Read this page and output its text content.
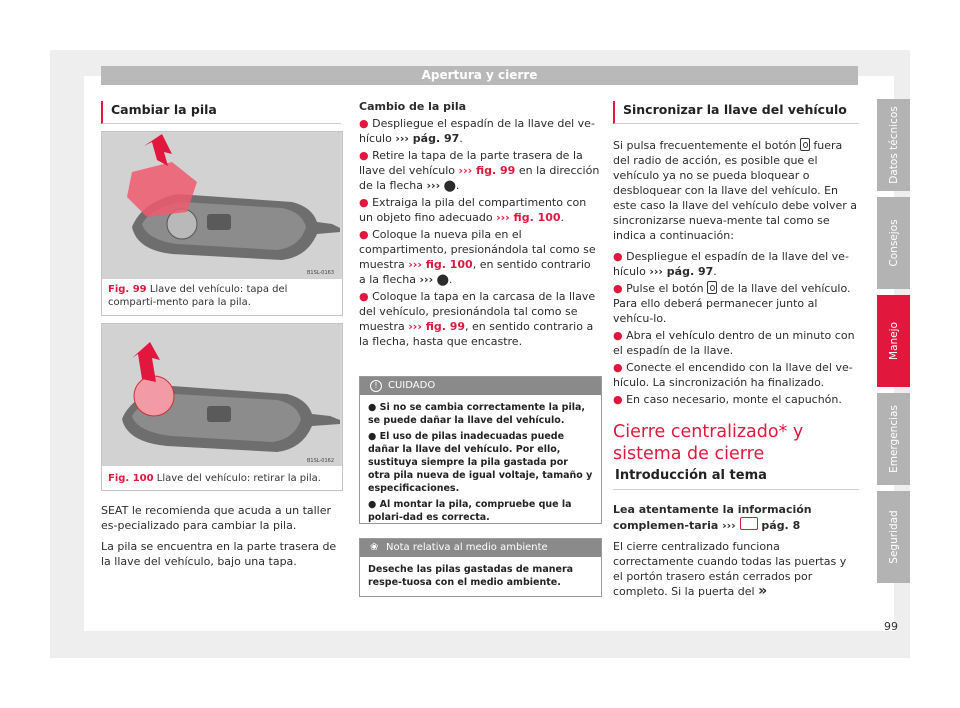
Apertura y cierre
Cambiar la pila
B1SL-0163
Fig. 99 Llave del vehículo: tapa del comparti-mento para la pila.
B1SL-0162
Fig. 100 Llave del vehículo: retirar la pila.

SEAT le recomienda que acuda a un taller es-pecializado para cambiar la pila.

La pila se encuentra en la parte trasera de la llave del vehículo, bajo una tapa.

Cambio de la pila

● Despliegue el espadín de la llave del ve-hículo ››› pág. 97.

● Retire la tapa de la parte trasera de la llave del vehículo ››› fig. 99 en la dirección de la flecha ››› ⬤.

● Extraiga la pila del compartimento con un objeto fino adecuado ››› fig. 100.

● Coloque la nueva pila en el compartimento, presionándola tal como se muestra ››› fig. 100, en sentido contrario a la flecha ››› ⬤.

● Coloque la tapa en la carcasa de la llave del vehículo, presionándola tal como se muestra ››› fig. 99, en sentido contrario a la flecha, hasta que encastre.

! CUIDADO

● Si no se cambia correctamente la pila, se puede dañar la llave del vehículo.

● El uso de pilas inadecuadas puede dañar la llave del vehículo. Por ello, sustituya siempre la pila gastada por otra pila nueva de igual voltaje, tamaño y especificaciones.

● Al montar la pila, compruebe que la polari-dad es correcta.

❀ Nota relativa al medio ambiente
Deseche las pilas gastadas de manera respe-tuosa con el medio ambiente.
Sincronizar la llave del vehículo

Si pulsa frecuentemente el botón fuera del radio de acción, es posible que el vehículo ya no se pueda bloquear o desbloquear con la llave del vehículo. En este caso la llave del vehículo debe volver a sincronizarse nueva-mente tal como se indica a continuación:

● Despliegue el espadín de la llave del ve-hículo ››› pág. 97.

● Pulse el botón de la llave del vehículo. Para ello deberá permanecer junto al vehícu-lo.

● Abra el vehículo dentro de un minuto con el espadín de la llave.

● Conecte el encendido con la llave del ve-hículo. La sincronización ha finalizado.

● En caso necesario, monte el capuchón.

Cierre centralizado* y sistema de cierre
Introducción al tema

Lea atentamente la información complemen-taria ›››  pág. 8

El cierre centralizado funciona correctamente cuando todas las puertas y el portón trasero están cerrados por completo. Si la puerta del »

Datos técnicos
Consejos
Manejo
Emergencias
Seguridad
99
